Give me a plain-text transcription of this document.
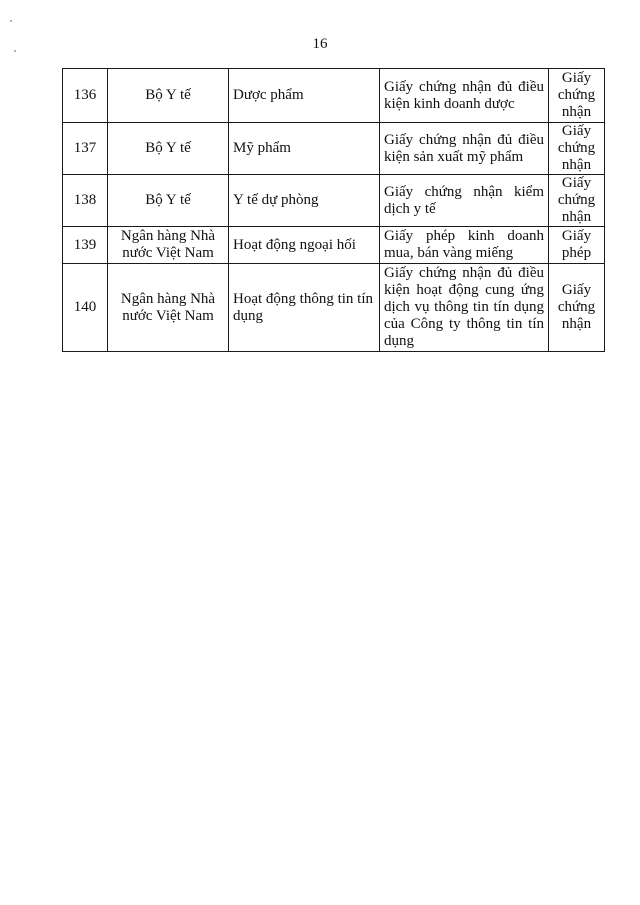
16
136	Bộ Y tế	Dược phẩm	Giấy chứng nhận đủ điều kiện kinh doanh dược	Giấy chứng nhận
137	Bộ Y tế	Mỹ phẩm	Giấy chứng nhận đủ điều kiện sản xuất mỹ phẩm	Giấy chứng nhận
138	Bộ Y tế	Y tế dự phòng	Giấy chứng nhận kiểm dịch y tế	Giấy chứng nhận
139	Ngân hàng Nhà nước Việt Nam	Hoạt động ngoại hối	Giấy phép kinh doanh mua, bán vàng miếng	Giấy phép
140	Ngân hàng Nhà nước Việt Nam	Hoạt động thông tin tín dụng	Giấy chứng nhận đủ điều kiện hoạt động cung ứng dịch vụ thông tin tín dụng của Công ty thông tin tín dụng	Giấy chứng nhận
